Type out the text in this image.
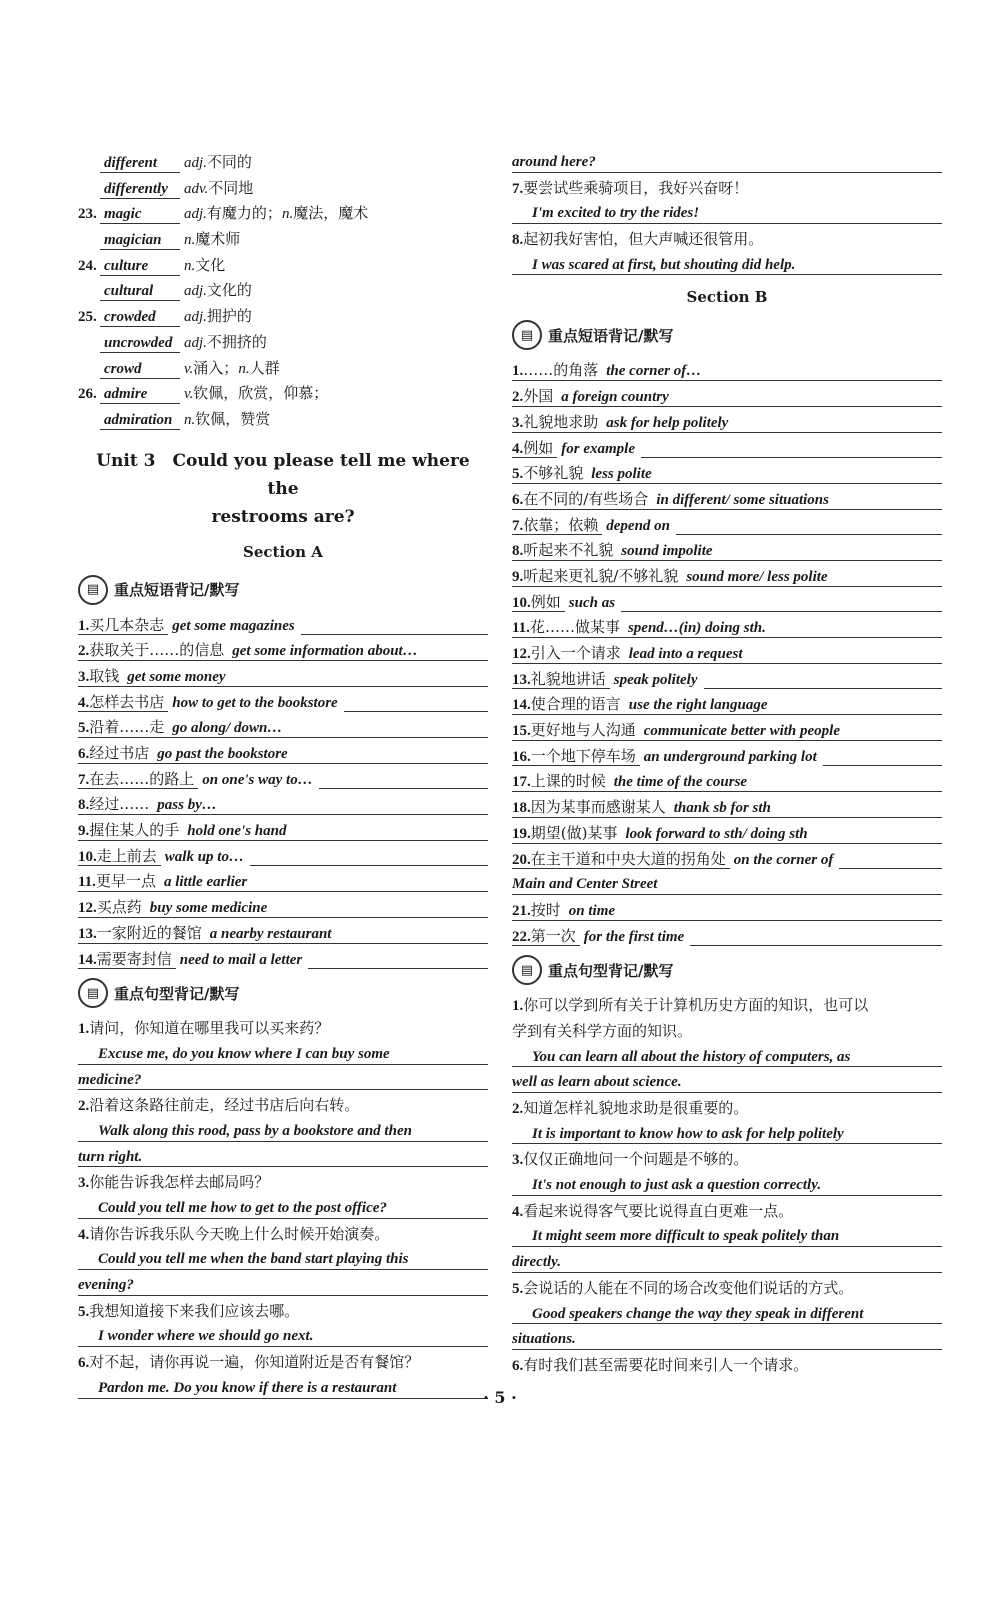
different adj.不同的
differently adv.不同地
23. magic	adj.有魔力的；n.魔法，魔术
magician n.魔术师
24. culture n.文化
cultural adj.文化的
25. crowded adj.拥护的
uncrowded adj.不拥挤的
crowd	v.涌入；n.人群
26. admire v.钦佩，欣赏，仰慕；
admiration n.钦佩，赞赏
Unit 3　Could you please tell me where the
restrooms are?
Section A
▤ 重点短语背记/默写
1.买几本杂志 get some magazines
2.获取关于……的信息 get some information about…
3.取钱 get some money
4.怎样去书店 how to get to the bookstore
5.沿着……走 go along/ down…
6.经过书店 go past the bookstore
7.在去……的路上 on one's way to…
8.经过…… pass by…
9.握住某人的手 hold one's hand
10.走上前去 walk up to…
11.更早一点 a little earlier
12.买点药 buy some medicine
13.一家附近的餐馆 a nearby restaurant
14.需要寄封信 need to mail a letter
▤ 重点句型背记/默写
1.请问，你知道在哪里我可以买来药？
Excuse me, do you know where I can buy some
medicine?
2.沿着这条路往前走，经过书店后向右转。
Walk along this rood, pass by a bookstore and then
turn right.
3.你能告诉我怎样去邮局吗？
Could you tell me how to get to the post office?
4.请你告诉我乐队今天晚上什么时候开始演奏。
Could you tell me when the band start playing this
evening?
5.我想知道接下来我们应该去哪。
I wonder where we should go next.
6.对不起，请你再说一遍，你知道附近是否有餐馆？
Pardon me. Do you know if there is a restaurant
around here?
7.要尝试些乘骑项目，我好兴奋呀！
I'm excited to try the rides!
8.起初我好害怕，但大声喊还很管用。
I was scared at first, but shouting did help.
Section B
▤ 重点短语背记/默写
1.……的角落 the corner of…
2.外国 a foreign country
3.礼貌地求助 ask for help politely
4.例如 for example
5.不够礼貌 less polite
6.在不同的/有些场合 in different/ some situations
7.依靠；依赖 depend on
8.听起来不礼貌 sound impolite
9.听起来更礼貌/不够礼貌 sound more/ less polite
10.例如 such as
11.花……做某事 spend…(in) doing sth.
12.引入一个请求 lead into a request
13.礼貌地讲话 speak politely
14.使合理的语言 use the right language
15.更好地与人沟通 communicate better with people
16.一个地下停车场 an underground parking lot
17.上课的时候 the time of the course
18.因为某事而感谢某人 thank sb for sth
19.期望(做)某事 look forward to sth/ doing sth
20.在主干道和中央大道的拐角处 on the corner of
Main and Center Street
21.按时 on time
22.第一次 for the first time
▤ 重点句型背记/默写
1.你可以学到所有关于计算机历史方面的知识，也可以
学到有关科学方面的知识。
You can learn all about the history of computers, as
well as learn about science.
2.知道怎样礼貌地求助是很重要的。
It is important to know how to ask for help politely
3.仅仅正确地问一个问题是不够的。
It's not enough to just ask a question correctly.
4.看起来说得客气要比说得直白更难一点。
It might seem more difficult to speak politely than
directly.
5.会说话的人能在不同的场合改变他们说话的方式。
Good speakers change the way they speak in different
situations.
6.有时我们甚至需要花时间来引人一个请求。
· 5 ·
